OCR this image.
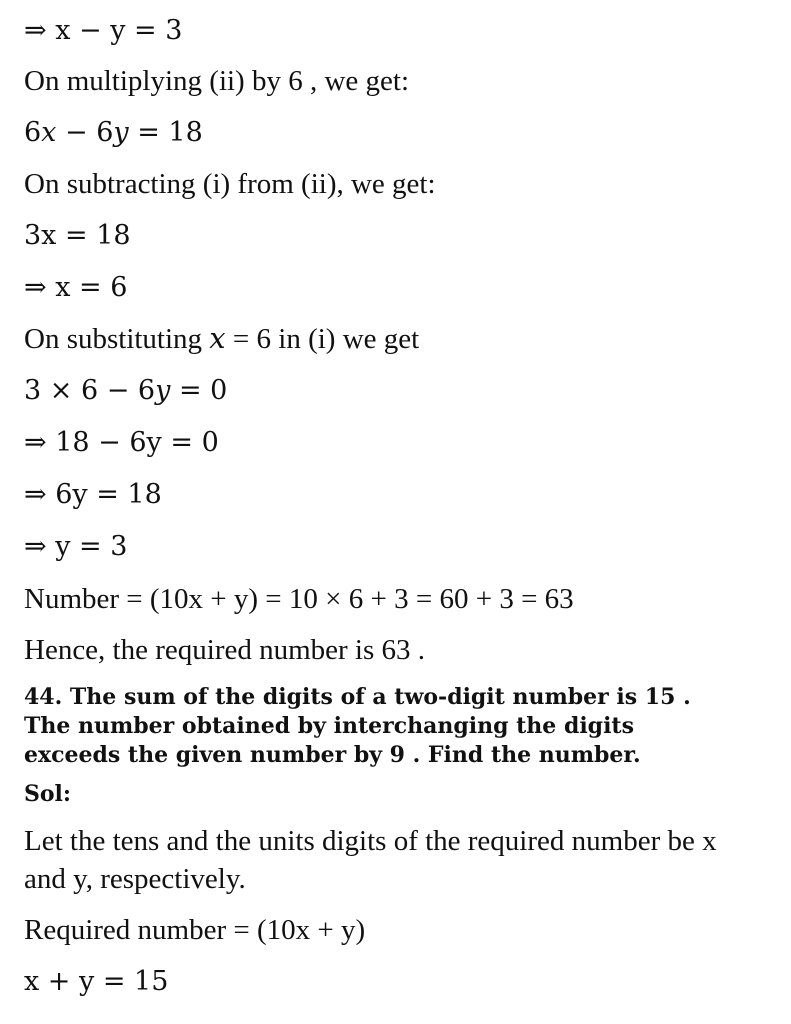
⇒ x − y = 3
On multiplying (ii) by 6 , we get:
6𝑥 − 6𝑦 = 18
On subtracting (i) from (ii), we get:
3x = 18
⇒ x = 6
On substituting 𝑥 = 6 in (i) we get
3 × 6 − 6𝑦 = 0
⇒ 18 − 6y = 0
⇒ 6y = 18
⇒ y = 3
Number = (10x + y) = 10 × 6 + 3 = 60 + 3 = 63
Hence, the required number is 63 .
44. The sum of the digits of a two-digit number is 15 .
The number obtained by interchanging the digits
exceeds the given number by 9 . Find the number.
Sol:
Let the tens and the units digits of the required number be x and y, respectively.
Required number = (10x + y)
x + y = 15
